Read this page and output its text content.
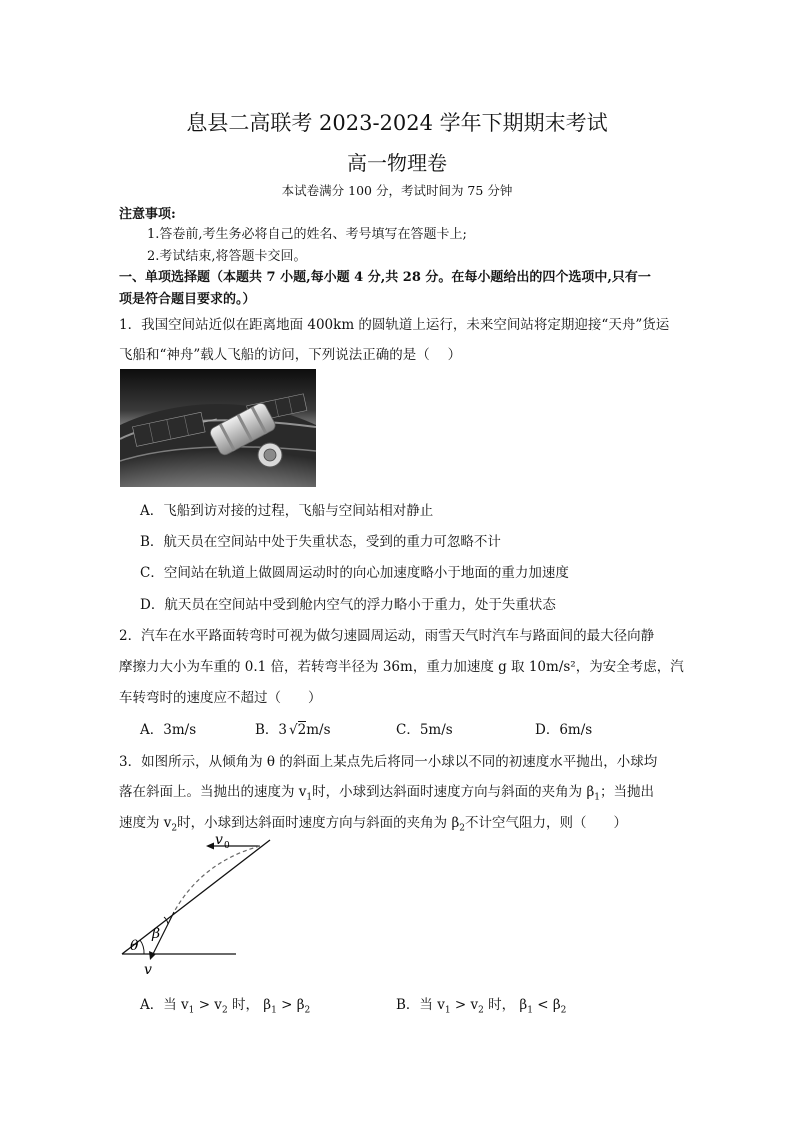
息县二高联考 2023-2024 学年下期期末考试
高一物理卷
本试卷满分 100 分，考试时间为 75 分钟
注意事项:
1.答卷前,考生务必将自己的姓名、考号填写在答题卡上;
2.考试结束,将答题卡交回。
一、单项选择题（本题共 7 小题,每小题 4 分,共 28 分。在每小题给出的四个选项中,只有一
项是符合题目要求的。）
1．我国空间站近似在距离地面 400km 的圆轨道上运行，未来空间站将定期迎接“天舟”货运
飞船和“神舟”载人飞船的访问，下列说法正确的是（　 ）
A．飞船到访对接的过程，飞船与空间站相对静止
B．航天员在空间站中处于失重状态，受到的重力可忽略不计
C．空间站在轨道上做圆周运动时的向心加速度略小于地面的重力加速度
D．航天员在空间站中受到舱内空气的浮力略小于重力，处于失重状态
2．汽车在水平路面转弯时可视为做匀速圆周运动，雨雪天气时汽车与路面间的最大径向静
摩擦力大小为车重的 0.1 倍，若转弯半径为 36m，重力加速度 g 取 10m/s²，为安全考虑，汽
车转弯时的速度应不超过（　　）
A．3m/s	B．3 √2m/s	C．5m/s	D．6m/s
3．如图所示，从倾角为 θ 的斜面上某点先后将同一小球以不同的初速度水平抛出，小球均
落在斜面上。当抛出的速度为 $v_1$时，小球到达斜面时速度方向与斜面的夹角为 $\beta_1$；当抛出
速度为 $v_2$时，小球到达斜面时速度方向与斜面的夹角为 $\beta_2$不计空气阻力，则（　　）
v 0
θ
β
v
A．当 $v_1 > v_2$ 时， $\beta_1 > \beta_2$	B．当 $v_1 > v_2$ 时， $\beta_1 < \beta_2$
